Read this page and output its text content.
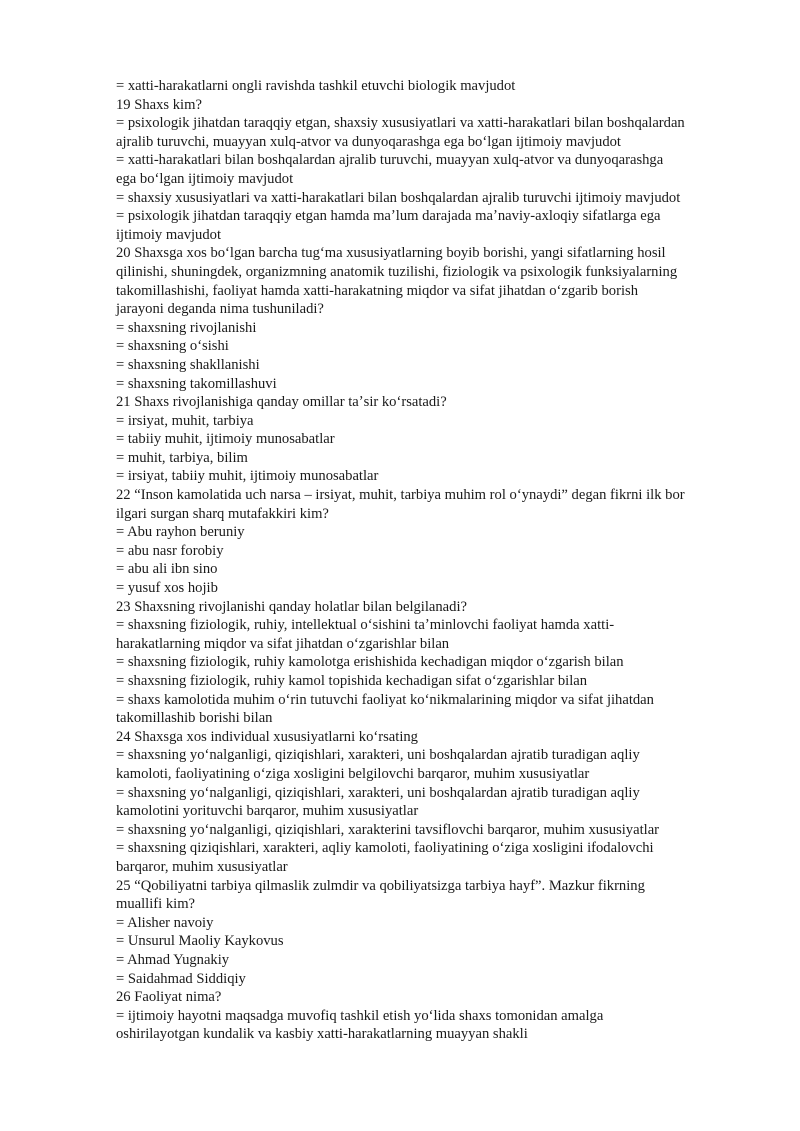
= xatti-harakatlarni ongli ravishda tashkil etuvchi biologik mavjudot

19 Shaxs kim?

= psixologik jihatdan taraqqiy etgan, shaxsiy xususiyatlari va xatti-harakatlari bilan boshqalardan

ajralib turuvchi, muayyan xulq-atvor va dunyoqarashga ega boʻlgan ijtimoiy mavjudot

= xatti-harakatlari bilan boshqalardan ajralib turuvchi, muayyan xulq-atvor va dunyoqarashga

ega boʻlgan ijtimoiy mavjudot

= shaxsiy xususiyatlari va xatti-harakatlari bilan boshqalardan ajralib turuvchi ijtimoiy mavjudot

= psixologik jihatdan taraqqiy etgan hamda maʼlum darajada maʼnaviy-axloqiy sifatlarga ega

ijtimoiy mavjudot

20 Shaxsga xos boʻlgan barcha tugʻma xususiyatlarning boyib borishi, yangi sifatlarning hosil

qilinishi, shuningdek, organizmning anatomik tuzilishi, fiziologik va psixologik funksiyalarning

takomillashishi, faoliyat hamda xatti-harakatning miqdor va sifat jihatdan oʻzgarib borish

jarayoni deganda nima tushuniladi?

= shaxsning rivojlanishi

= shaxsning oʻsishi

= shaxsning shakllanishi

= shaxsning takomillashuvi

21 Shaxs rivojlanishiga qanday omillar taʼsir koʻrsatadi?

= irsiyat, muhit, tarbiya

= tabiiy muhit, ijtimoiy munosabatlar

= muhit, tarbiya, bilim

= irsiyat, tabiiy muhit, ijtimoiy munosabatlar

22 “Inson kamolatida uch narsa – irsiyat, muhit, tarbiya muhim rol oʻynaydi” degan fikrni ilk bor

ilgari surgan sharq mutafakkiri kim?

= Abu rayhon beruniy

= abu nasr forobiy

= abu ali ibn sino

= yusuf xos hojib

23 Shaxsning rivojlanishi qanday holatlar bilan belgilanadi?

= shaxsning fiziologik, ruhiy, intellektual oʻsishini taʼminlovchi faoliyat hamda xatti-

harakatlarning miqdor va sifat jihatdan oʻzgarishlar bilan

= shaxsning fiziologik, ruhiy kamolotga erishishida kechadigan miqdor oʻzgarish bilan

= shaxsning fiziologik, ruhiy kamol topishida kechadigan sifat oʻzgarishlar bilan

= shaxs kamolotida muhim oʻrin tutuvchi faoliyat koʻnikmalarining miqdor va sifat jihatdan

takomillashib borishi bilan

24 Shaxsga xos individual xususiyatlarni koʻrsating

= shaxsning yoʻnalganligi, qiziqishlari, xarakteri, uni boshqalardan ajratib turadigan aqliy

kamoloti, faoliyatining oʻziga xosligini belgilovchi barqaror, muhim xususiyatlar

= shaxsning yoʻnalganligi, qiziqishlari, xarakteri, uni boshqalardan ajratib turadigan aqliy

kamolotini yorituvchi barqaror, muhim xususiyatlar

= shaxsning yoʻnalganligi, qiziqishlari, xarakterini tavsiflovchi barqaror, muhim xususiyatlar

= shaxsning qiziqishlari, xarakteri, aqliy kamoloti, faoliyatining oʻziga xosligini ifodalovchi

barqaror, muhim xususiyatlar

25 “Qobiliyatni tarbiya qilmaslik zulmdir va qobiliyatsizga tarbiya hayf”. Mazkur fikrning

muallifi kim?

= Alisher navoiy

= Unsurul Maoliy Kaykovus

= Ahmad Yugnakiy

= Saidahmad Siddiqiy

26 Faoliyat nima?

= ijtimoiy hayotni maqsadga muvofiq tashkil etish yoʻlida shaxs tomonidan amalga

oshirilayotgan kundalik va kasbiy xatti-harakatlarning muayyan shakli
